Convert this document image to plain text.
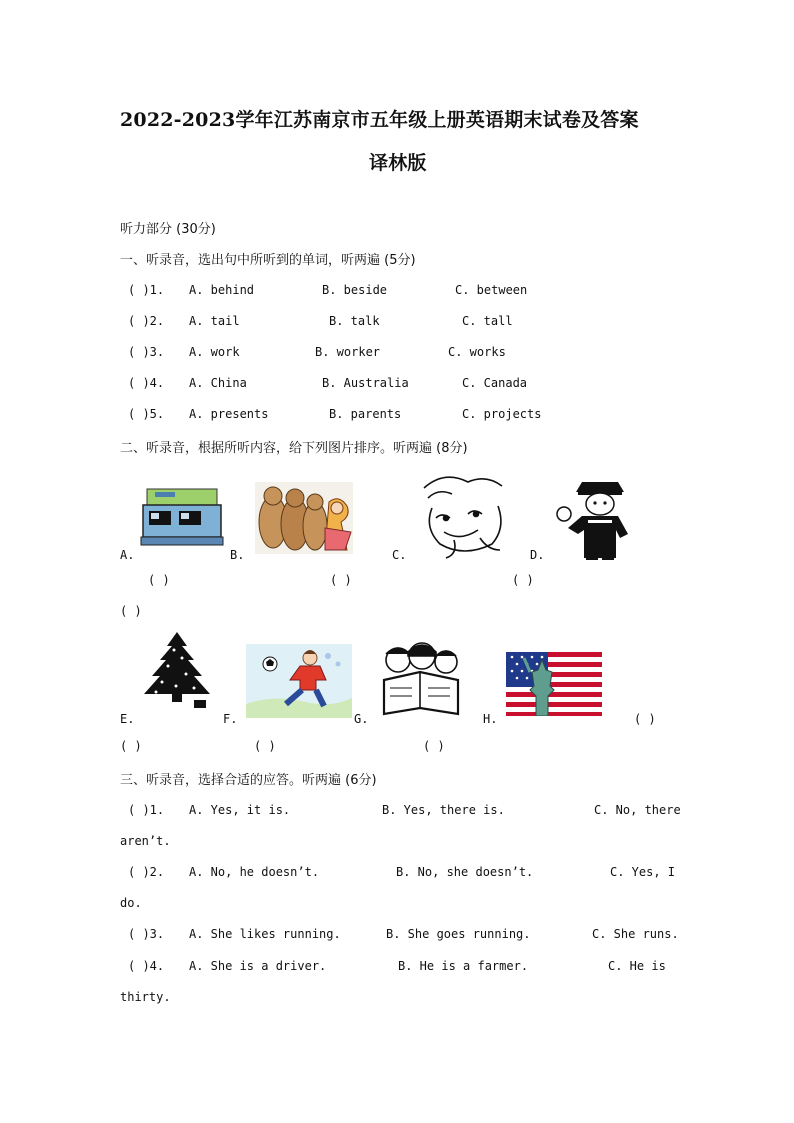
2022-2023学年江苏南京市五年级上册英语期末试卷及答案
译林版
听力部分 (30分)
一、听录音，选出句中所听到的单词，听两遍 (5分)
( )1. A. behind	B. beside	C. between
( )2. A. tail	B. talk	C. tall
( )3. A. work	B. worker	C. works
( )4. A. China	B. Australia	C. Canada
( )5. A. presents	B. parents	C. projects
二、听录音，根据所听内容，给下列图片排序。听两遍 (8分)
A.	B.	C.	D.
( )	( )	( )
( )
E.	F.	G.	H.	( )
( )	( )	( )
三、听录音，选择合适的应答。听两遍 (6分)
( )1. A. Yes, it is.	B. Yes, there is.	C. No, there
aren’t.
( )2. A. No, he doesn’t.	B. No, she doesn’t.	C. Yes, I
do.
( )3. A. She likes running.	B. She goes running.	C. She runs.
( )4. A. She is a driver.	B. He is a farmer.	C. He is
thirty.
